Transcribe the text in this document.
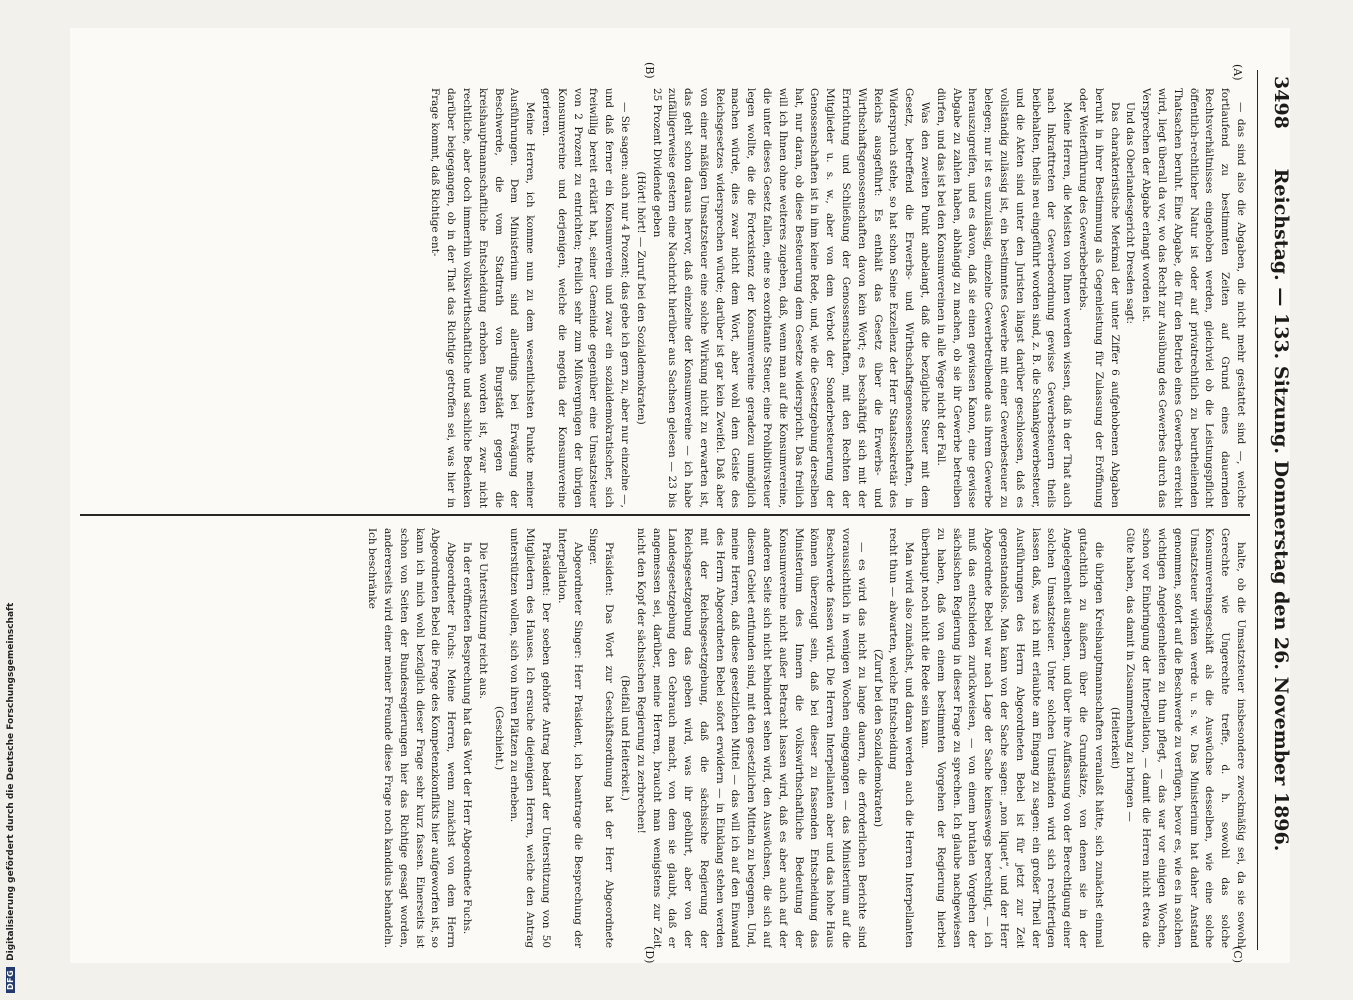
3498
Reichstag. — 133. Sitzung. Donnerstag den 26. November 1896.
(A)
(B)
(C)
(D)

— das sind also die Abgaben, die nicht mehr gestattet sind —, welche fortlaufend zu bestimmten Zeiten auf Grund eines dauernden Rechtsverhältnisses eingehoben werden, gleichviel ob die Leistungspflicht öffentlich-rechtlicher Natur ist oder auf privatrechtlich zu beurtheilenden Thatsachen beruht. Eine Abgabe, die für den Betrieb eines Gewerbes erreicht wird, liegt überall da vor, wo das Recht zur Ausübung des Gewerbes durch das Versprechen der Abgabe erlangt worden ist.

Und das Oberlandesgericht Dresden sagt:

Das charakteristische Merkmal der unter Ziffer 6 aufgehobenen Abgaben beruht in ihrer Bestimmung als Gegenleistung für Zulassung der Eröffnung oder Weiterführung des Gewerbebetriebs.

Meine Herren, die Meisten von Ihnen werden wissen, daß in der That auch nach Inkrafttreten der Gewerbeordnung gewisse Gewerbesteuern theils beibehalten, theils neu eingeführt worden sind, z. B. die Schankgewerbesteuer, und die Akten sind unter den Juristen längst darüber geschlossen, daß es vollständig zulässig ist, ein bestimmtes Gewerbe mit einer Gewerbesteuer zu belegen; nur ist es unzulässig, einzelne Gewerbetreibende aus ihrem Gewerbe herauszugreifen, und es davon, daß sie einen gewissen Kanon, eine gewisse Abgabe zu zahlen haben, abhängig zu machen, ob sie ihr Gewerbe betreiben dürfen, und das ist bei den Konsumvereinen in alle Wege nicht der Fall.

Was den zweiten Punkt anbelangt, daß die bezügliche Steuer mit dem Gesetz, betreffend die Erwerbs- und Wirthschaftsgenossenschaften, in Widerspruch stehe, so hat schon Seine Exzellenz der Herr Staatssekretär des Reichs ausgeführt: Es enthält das Gesetz über die Erwerbs- und Wirthschaftsgenossenschaften davon kein Wort; es beschäftigt sich mit der Errichtung und Schließung der Genossenschaften, mit den Rechten der Mitglieder u. s. w., aber von dem Verbot der Sonderbesteuerung der Genossenschaften ist in ihm keine Rede, und, wie die Gesetzgebung derselben hat, nur daran, ob diese Besteuerung dem Gesetze widerspricht. Das freilich will ich Ihnen ohne weiteres zugeben, daß, wenn man auf die Konsumvereine, die unter dieses Gesetz fallen, eine so exorbitante Steuer, eine Prohibitivsteuer legen wollte, die die Fortexistenz der Konsumvereine geradezu unmöglich machen würde, dies zwar nicht dem Wort, aber wohl dem Geiste des Reichsgesetzes widersprechen würde; darüber ist gar kein Zweifel. Daß aber von einer mäßigen Umsatzsteuer eine solche Wirkung nicht zu erwarten ist, das geht schon daraus hervor, daß einzelne der Konsumvereine — ich habe zufälligerweise gestern eine Nachricht hierüber aus Sachsen gelesen — 23 bis 25 Prozent Dividende geben

(Hört! hört! — Zuruf bei den Sozialdemokraten)

— Sie sagen: auch nur 4 Prozent; das gebe ich gern zu, aber nur einzelne —, und daß ferner ein Konsumverein und zwar ein sozialdemokratischer, sich freiwillig bereit erklärt hat, seiner Gemeinde gegenüber eine Umsatzsteuer von 2 Prozent zu entrichten; freilich sehr zum Mißvergnügen der übrigen Konsumvereine und derjenigen, welche die negotia der Konsumvereine gerieren.

Meine Herren, ich komme nun zu dem wesentlichsten Punkte meiner Ausführungen. Dem Ministerium sind allerdings bei Erwägung der Beschwerde, die vom Stadtrath von Burgstädt gegen die kreishauptmannschaftliche Entscheidung erhoben worden ist, zwar nicht rechtliche, aber doch immerhin volkswirthschaftliche und sachliche Bedenken darüber beigegangen, ob in der That das Richtige getroffen sei, was hier in Frage kommt, daß Richtige ent-

halte, ob die Umsatzsteuer insbesondere zweckmäßig sei, da sie sowohl Gerechte wie Ungerechte treffe, d. h. sowohl das solche Konsumvereinsgeschäft als die Auswüchse desselben, wie eine solche Umsatzsteuer wirken werde u. s. w. Das Ministerium hat daher Anstand genommen, sofort auf die Beschwerde zu verfügen, bevor es, wie es in solchen wichtigen Angelegenheiten zu thun pflegt, — das war vor einigen Wochen, schon vor Einbringung der Interpellation, — damit die Herren nicht etwa die Güte haben, das damit in Zusammenhang zu bringen —

(Heiterkeit)

die übrigen Kreishauptmannschaften veranlaßt hätte, sich zunächst einmal gutachtlich zu äußern über die Grundsätze, von denen sie in der Angelegenheit ausgehen, und über ihre Auffassung von der Berechtigung einer solchen Umsatzsteuer. Unter solchen Umständen wird sich rechtfertigen lassen daß, was ich mit erlaubte am Eingang zu sagen: ein großer Theil der Ausführungen des Herrn Abgeordneten Bebel ist für jetzt zur Zeit gegenstandslos. Man kann von der Sache sagen: „non liquet“, und der Herr Abgeordnete Bebel war nach Lage der Sache keineswegs berechtigt, — ich muß das entschieden zurückweisen, — von einem brutalen Vorgehen der sächsischen Regierung in dieser Frage zu sprechen. Ich glaube nachgewiesen zu haben, daß von einem bestimmten Vorgehen der Regierung hierbei überhaupt noch nicht die Rede sein kann.

Man wird also zunächst, und daran werden auch die Herren Interpellanten recht thun — abwarten, welche Entscheidung

(Zuruf bei den Sozialdemokraten)

— es wird das nicht zu lange dauern, die erforderlichen Berichte sind voraussichtlich in wenigen Wochen eingegangen — das Ministerium auf die Beschwerde fassen wird. Die Herren Interpellanten aber und das hohe Haus können überzeugt sein, daß bei dieser zu fassenden Entscheidung das Ministerium des Innern die volkswirthschaftliche Bedeutung der Konsumvereine nicht außer Betracht lassen wird, daß es aber auch auf der anderen Seite sich nicht behindert sehen wird, den Auswüchsen, die sich auf diesem Gebiet entfunden sind, mit den gesetzlichen Mitteln zu begegnen. Und, meine Herren, daß diese gesetzlichen Mittel — das will ich auf den Einwand des Herrn Abgeordneten Bebel sofort erwidern — in Einklang stehen werden mit der Reichsgesetzgebung, daß die sächsische Regierung der Reichsgesetzgebung das geben wird, was ihr gebührt, aber von der Landesgesetzgebung den Gebrauch macht, von dem sie glaubt, daß er angemessen sei, darüber, meine Herren, braucht man wenigstens zur Zeit nicht den Kopf der sächsischen Regierung zu zerbrechen!

(Beifall und Heiterkeit.)

Präsident: Das Wort zur Geschäftsordnung hat der Herr Abgeordnete Singer.

Abgeordneter Singer: Herr Präsident, ich beantrage die Besprechung der Interpellation.

Präsident: Der soeben gehörte Antrag bedarf der Unterstützung von 50 Mitgliedern des Hauses. Ich ersuche diejenigen Herren, welche den Antrag unterstützen wollen, sich von ihren Plätzen zu erheben.

(Geschieht.)

Die Unterstützung reicht aus.

In der eröffneten Besprechung hat das Wort der Herr Abgeordnete Fuchs.

Abgeordneter Fuchs: Meine Herren, wenn zunächst von dem Herrn Abgeordneten Bebel die Frage des Kompetenzkonflikts hier aufgeworfen ist, so kann ich mich wohl bezüglich dieser Frage sehr kurz fassen. Einerseits ist schon von Seiten der Bundesregierungen hier das Richtige gesagt worden, andererseits wird einer meiner Freunde diese Frage noch kandidus behandeln. Ich beschränke

DFGDigitalisierung gefördert durch die Deutsche Forschungsgemeinschaft
